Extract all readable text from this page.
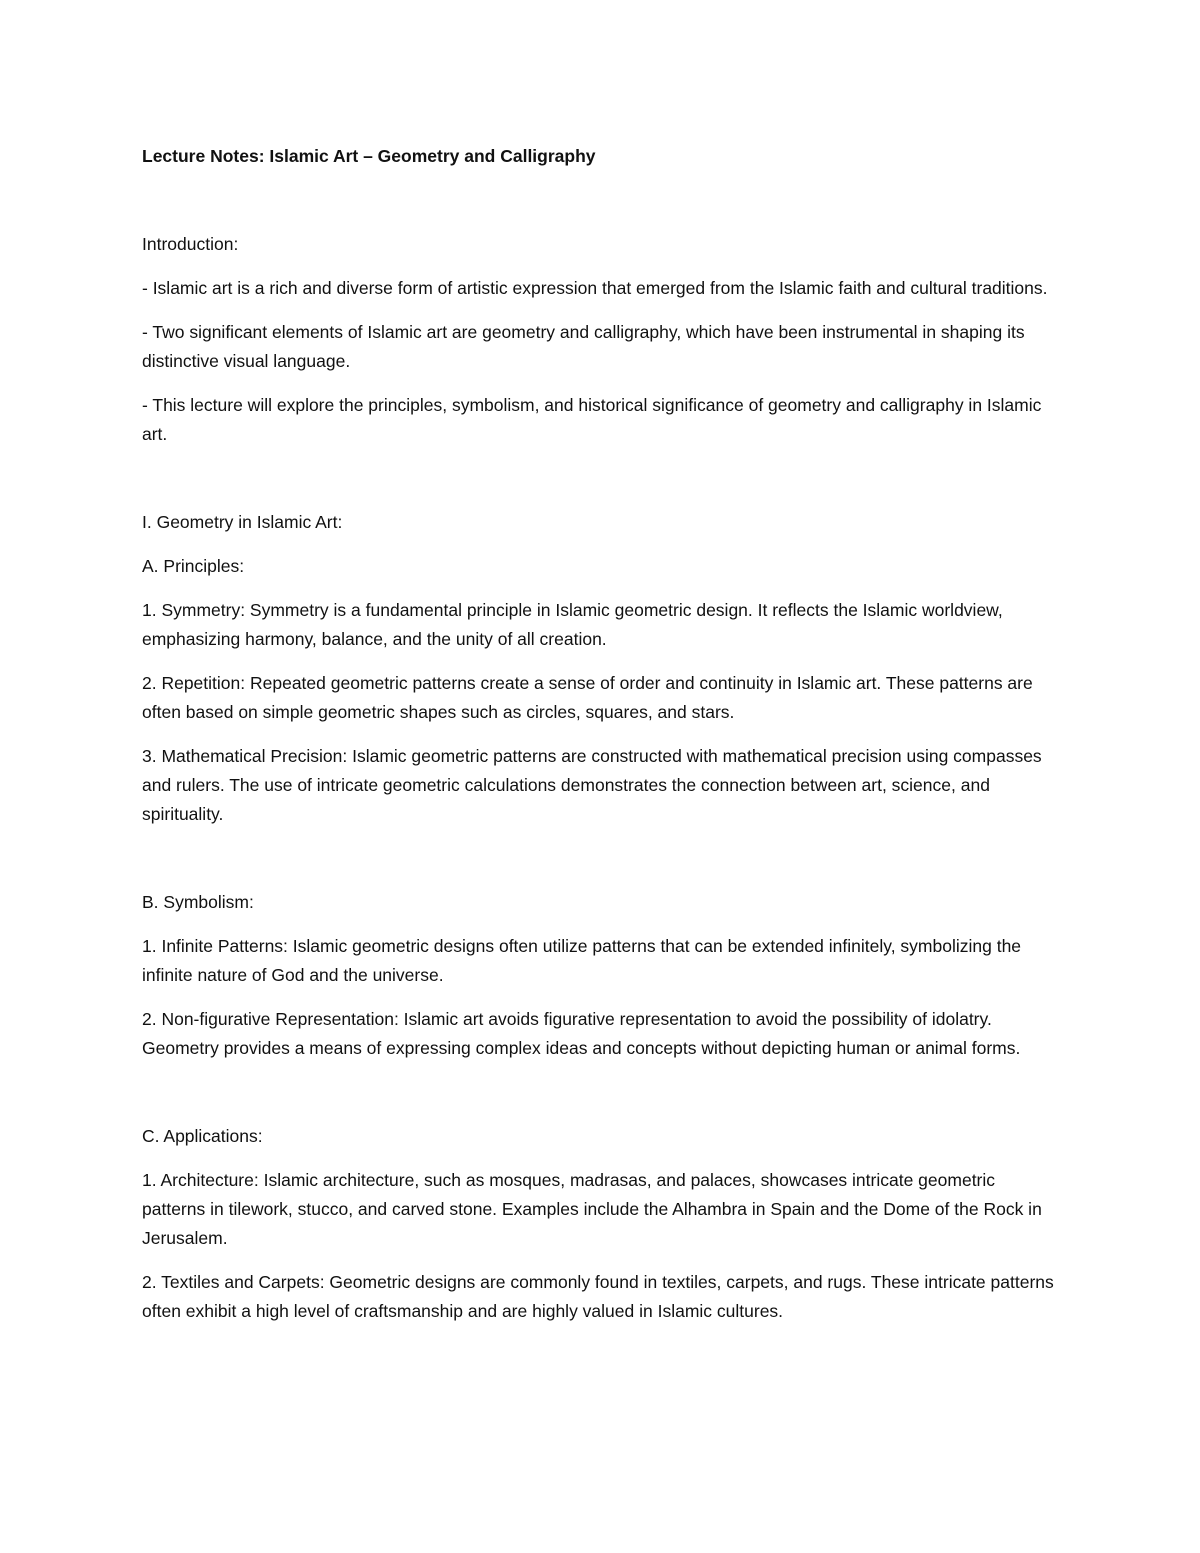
Lecture Notes: Islamic Art – Geometry and Calligraphy

Introduction:

- Islamic art is a rich and diverse form of artistic expression that emerged from the Islamic faith and cultural traditions.

- Two significant elements of Islamic art are geometry and calligraphy, which have been instrumental in shaping its distinctive visual language.

- This lecture will explore the principles, symbolism, and historical significance of geometry and calligraphy in Islamic art.

I. Geometry in Islamic Art:

A. Principles:

1. Symmetry: Symmetry is a fundamental principle in Islamic geometric design. It reflects the Islamic worldview, emphasizing harmony, balance, and the unity of all creation.

2. Repetition: Repeated geometric patterns create a sense of order and continuity in Islamic art. These patterns are often based on simple geometric shapes such as circles, squares, and stars.

3. Mathematical Precision: Islamic geometric patterns are constructed with mathematical precision using compasses and rulers. The use of intricate geometric calculations demonstrates the connection between art, science, and spirituality.

B. Symbolism:

1. Infinite Patterns: Islamic geometric designs often utilize patterns that can be extended infinitely, symbolizing the infinite nature of God and the universe.

2. Non-figurative Representation: Islamic art avoids figurative representation to avoid the possibility of idolatry. Geometry provides a means of expressing complex ideas and concepts without depicting human or animal forms.

C. Applications:

1. Architecture: Islamic architecture, such as mosques, madrasas, and palaces, showcases intricate geometric patterns in tilework, stucco, and carved stone. Examples include the Alhambra in Spain and the Dome of the Rock in Jerusalem.

2. Textiles and Carpets: Geometric designs are commonly found in textiles, carpets, and rugs. These intricate patterns often exhibit a high level of craftsmanship and are highly valued in Islamic cultures.
